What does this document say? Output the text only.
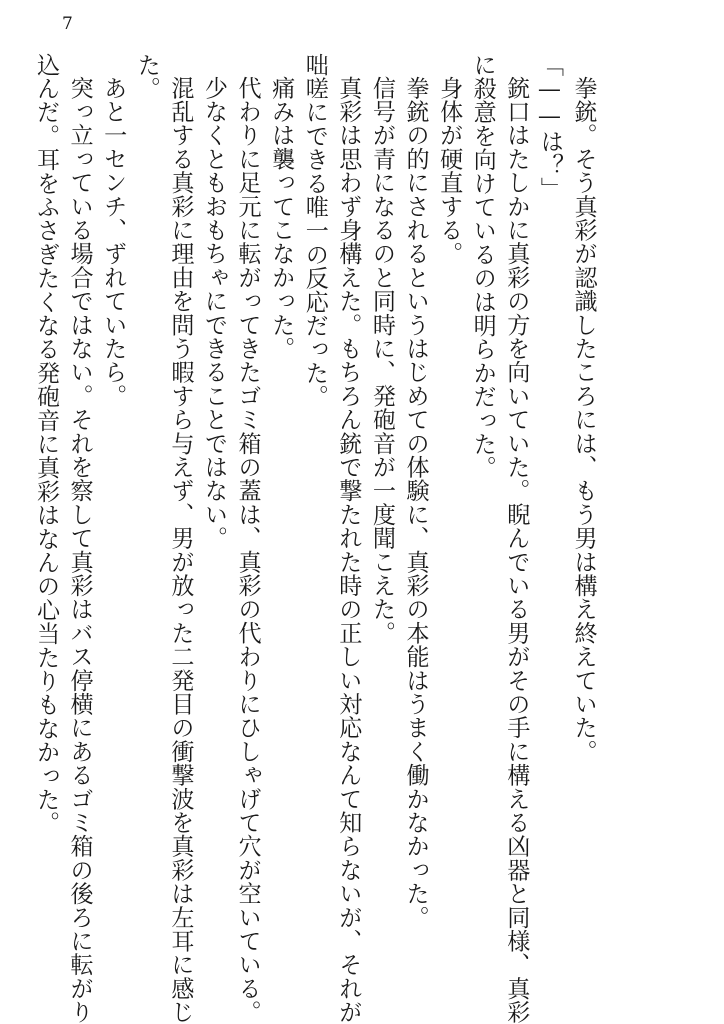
7
拳銃。そう真彩が認識したころには、もう男は構え終えていた。
「——は？」
銃口はたしかに真彩の方を向いていた。睨んでいる男がその手に構える凶器と同様、真彩
に殺意を向けているのは明らかだった。
身体が硬直する。
拳銃の的にされるというはじめての体験に、真彩の本能はうまく働かなかった。
信号が青になるのと同時に、発砲音が一度聞こえた。
真彩は思わず身構えた。もちろん銃で撃たれた時の正しい対応なんて知らないが、それが
咄嗟にできる唯一の反応だった。
痛みは襲ってこなかった。
代わりに足元に転がってきたゴミ箱の蓋は、真彩の代わりにひしゃげて穴が空いている。
少なくともおもちゃにできることではない。
混乱する真彩に理由を問う暇すら与えず、男が放った二発目の衝撃波を真彩は左耳に感じ
た。
あと一センチ、ずれていたら。
突っ立っている場合ではない。それを察して真彩はバス停横にあるゴミ箱の後ろに転がり
込んだ。耳をふさぎたくなる発砲音に真彩はなんの心当たりもなかった。
